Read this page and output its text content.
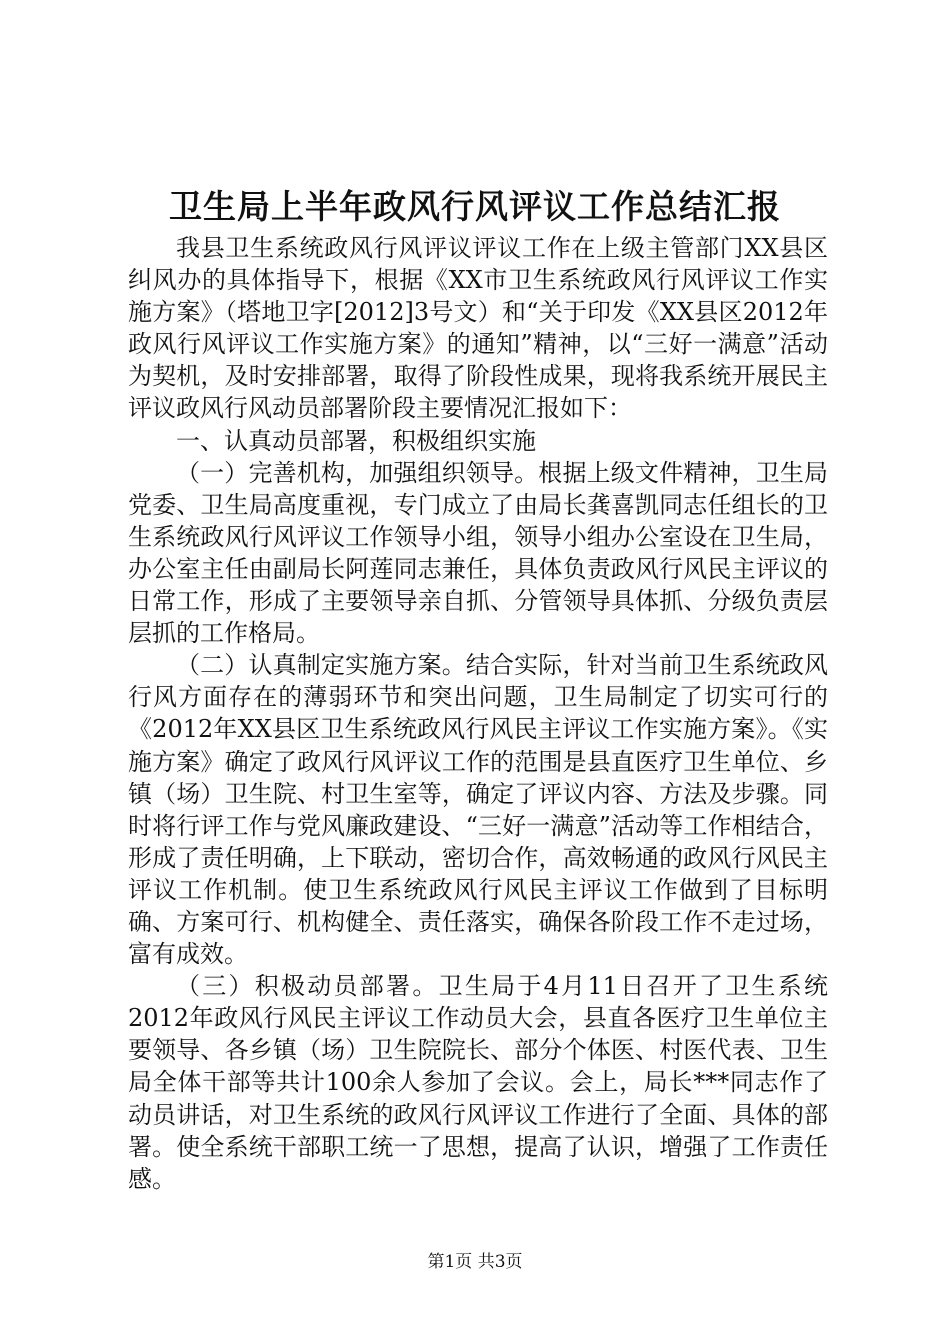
卫生局上半年政风行风评议工作总结汇报

我县卫生系统政风行风评议评议工作在上级主管部门XX县区纠风办的具体指导下，根据《XX市卫生系统政风行风评议工作实施方案》（塔地卫字[2012]3号文）和“关于印发《XX县区2012年政风行风评议工作实施方案》的通知”精神，以“三好一满意”活动为契机，及时安排部署，取得了阶段性成果，现将我系统开展民主评议政风行风动员部署阶段主要情况汇报如下：

一、认真动员部署，积极组织实施

（一）完善机构，加强组织领导。根据上级文件精神，卫生局党委、卫生局高度重视，专门成立了由局长龚喜凯同志任组长的卫生系统政风行风评议工作领导小组，领导小组办公室设在卫生局，办公室主任由副局长阿莲同志兼任，具体负责政风行风民主评议的日常工作，形成了主要领导亲自抓、分管领导具体抓、分级负责层层抓的工作格局。

（二）认真制定实施方案。结合实际，针对当前卫生系统政风行风方面存在的薄弱环节和突出问题，卫生局制定了切实可行的《2012年XX县区卫生系统政风行风民主评议工作实施方案》。《实施方案》确定了政风行风评议工作的范围是县直医疗卫生单位、乡镇（场）卫生院、村卫生室等，确定了评议内容、方法及步骤。同时将行评工作与党风廉政建设、“三好一满意”活动等工作相结合，形成了责任明确，上下联动，密切合作，高效畅通的政风行风民主评议工作机制。使卫生系统政风行风民主评议工作做到了目标明确、方案可行、机构健全、责任落实，确保各阶段工作不走过场，富有成效。

（三）积极动员部署。卫生局于4月11日召开了卫生系统2012年政风行风民主评议工作动员大会，县直各医疗卫生单位主要领导、各乡镇（场）卫生院院长、部分个体医、村医代表、卫生局全体干部等共计100余人参加了会议。会上，局长***同志作了动员讲话，对卫生系统的政风行风评议工作进行了全面、具体的部署。使全系统干部职工统一了思想，提高了认识，增强了工作责任感。

第1页 共3页
